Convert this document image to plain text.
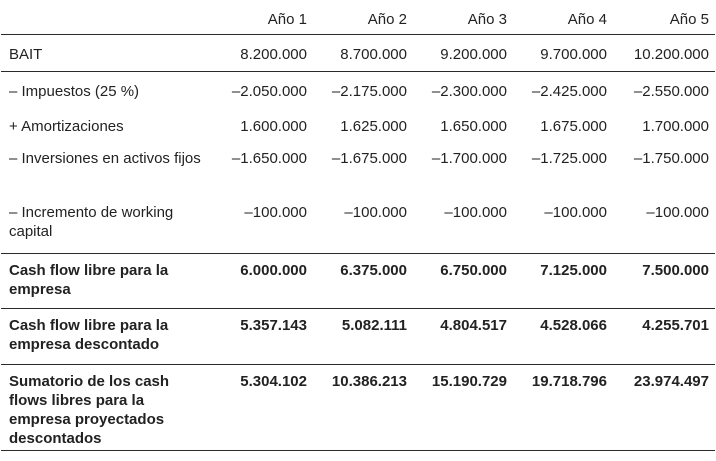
	Año 1	Año 2	Año 3	Año 4	Año 5
BAIT	8.200.000	8.700.000	9.200.000	9.700.000	10.200.000
– Impuestos (25 %)	–2.050.000	–2.175.000	–2.300.000	–2.425.000	–2.550.000
+ Amortizaciones	1.600.000	1.625.000	1.650.000	1.675.000	1.700.000
– Inversiones en activos fijos	–1.650.000	–1.675.000	–1.700.000	–1.725.000	–1.750.000
– Incremento de working capital	–100.000	–100.000	–100.000	–100.000	–100.000
Cash flow libre para la empresa	6.000.000	6.375.000	6.750.000	7.125.000	7.500.000
Cash flow libre para la empresa descontado	5.357.143	5.082.111	4.804.517	4.528.066	4.255.701
Sumatorio de los cash flows libres para la empresa proyectados descontados	5.304.102	10.386.213	15.190.729	19.718.796	23.974.497
